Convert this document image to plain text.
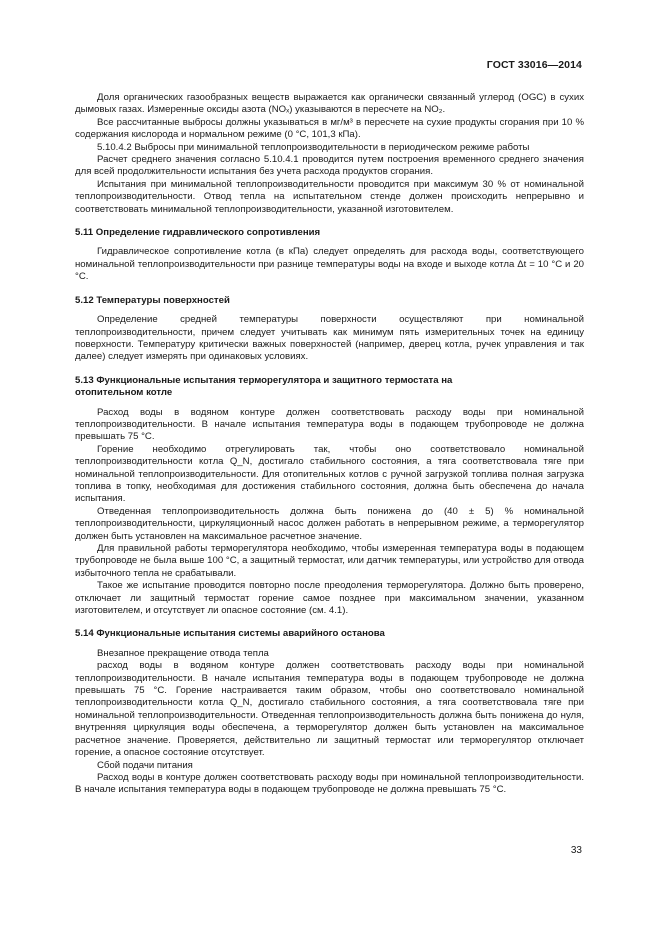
ГОСТ 33016—2014

Доля органических газообразных веществ выражается как органически связанный углерод (OGC) в сухих дымовых газах. Измеренные оксиды азота (NOₓ) указываются в пересчете на NO₂.

Все рассчитанные выбросы должны указываться в мг/м³ в пересчете на сухие продукты сгорания при 10 % содержания кислорода и нормальном режиме (0 °С, 101,3 кПа).

5.10.4.2 Выбросы при минимальной теплопроизводительности в периодическом режиме работы

Расчет среднего значения согласно 5.10.4.1 проводится путем построения временного среднего значения для всей продолжительности испытания без учета расхода продуктов сгорания.

Испытания при минимальной теплопроизводительности проводится при максимум 30 % от номинальной теплопроизводительности. Отвод тепла на испытательном стенде должен происходить непрерывно и соответствовать минимальной теплопроизводительности, указанной изготовителем.

5.11 Определение гидравлического сопротивления

Гидравлическое сопротивление котла (в кПа) следует определять для расхода воды, соответствующего номинальной теплопроизводительности при разнице температуры воды на входе и выходе котла Δt = 10 °С и 20 °С.

5.12 Температуры поверхностей

Определение средней температуры поверхности осуществляют при номинальной теплопроизводительности, причем следует учитывать как минимум пять измерительных точек на единицу поверхности. Температуру критически важных поверхностей (например, дверец котла, ручек управления и так далее) следует измерять при одинаковых условиях.

5.13 Функциональные испытания терморегулятора и защитного термостата на

отопительном котле

Расход воды в водяном контуре должен соответствовать расходу воды при номинальной теплопроизводительности. В начале испытания температура воды в подающем трубопроводе не должна превышать 75 °С.

Горение необходимо отрегулировать так, чтобы оно соответствовало номинальной теплопроизводительности котла Q_N, достигало стабильного состояния, а тяга соответствовала тяге при номинальной теплопроизводительности. Для отопительных котлов с ручной загрузкой топлива полная загрузка топлива в топку, необходимая для достижения стабильного состояния, должна быть обеспечена до начала испытания.

Отведенная теплопроизводительность должна быть понижена до (40 ± 5) % номинальной теплопроизводительности, циркуляционный насос должен работать в непрерывном режиме, а терморегулятор должен быть установлен на максимальное расчетное значение.

Для правильной работы терморегулятора необходимо, чтобы измеренная температура воды в подающем трубопроводе не была выше 100 °С, а защитный термостат, или датчик температуры, или устройство для отвода избыточного тепла не срабатывали.

Такое же испытание проводится повторно после преодоления терморегулятора. Должно быть проверено, отключает ли защитный термостат горение самое позднее при максимальном значении, указанном изготовителем, и отсутствует ли опасное состояние (см. 4.1).

5.14 Функциональные испытания системы аварийного останова

Внезапное прекращение отвода тепла

расход воды в водяном контуре должен соответствовать расходу воды при номинальной теплопроизводительности. В начале испытания температура воды в подающем трубопроводе не должна превышать 75 °С. Горение настраивается таким образом, чтобы оно соответствовало номинальной теплопроизводительности котла Q_N, достигало стабильного состояния, а тяга соответствовала тяге при номинальной теплопроизводительности. Отведенная теплопроизводительность должна быть понижена до нуля, внутренняя циркуляция воды обеспечена, а терморегулятор должен быть установлен на максимальное расчетное значение. Проверяется, действительно ли защитный термостат или терморегулятор отключает горение, а опасное состояние отсутствует.

Сбой подачи питания

Расход воды в контуре должен соответствовать расходу воды при номинальной теплопроизводительности. В начале испытания температура воды в подающем трубопроводе не должна превышать 75 °С.

33
